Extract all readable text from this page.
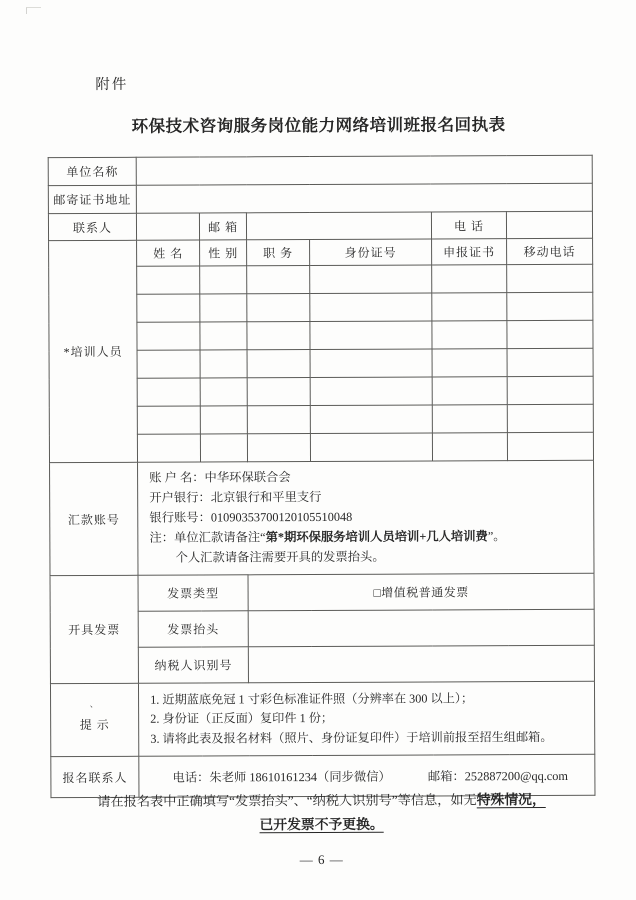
附件
环保技术咨询服务岗位能力网络培训班报名回执表
单位名称						
邮寄证书地址						
联系人		邮 箱			电 话	
*培训人员	姓 名	性 别	职 务	身份证号	申报证书	移动电话

汇款账号	账 户 名：中华环保联合会
开户银行：北京银行和平里支行
银行账号：01090353700120105510048
注：单位汇款请备注“第*期环保服务培训人员培训+几人培训费”。
个人汇款请备注需要开具的发票抬头。					

开具发票	发票类型		□增值税普通发票			
	发票抬头					
	纳税人识别号					

、
提 示

1. 近期蓝底免冠 1 寸彩色标准证件照（分辨率在 300 以上）；
2. 身份证（正反面）复印件 1 份；
3. 请将此表及报名材料（照片、身份证复印件）于培训前报至招生组邮箱。

报名联系人	电话：朱老师 18610161234（同步微信） 邮箱：252887200@qq.com					
请在报名表中正确填写“发票抬头”、“纳税人识别号”等信息，如无特殊情况，
已开发票不予更换。
— 6 —
